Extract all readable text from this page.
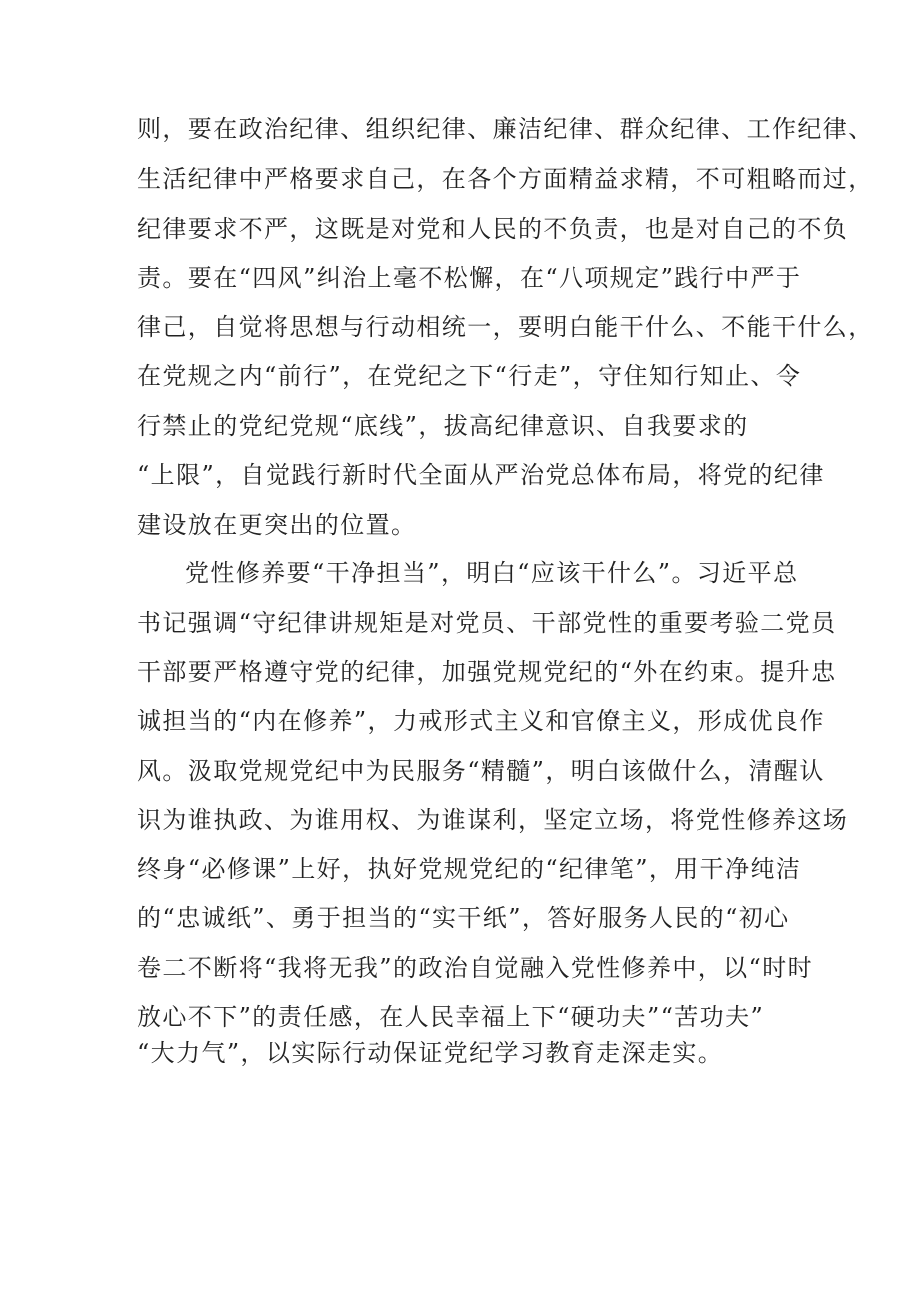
则，要在政治纪律、组织纪律、廉洁纪律、群众纪律、工作纪律、
生活纪律中严格要求自己，在各个方面精益求精，不可粗略而过，
纪律要求不严，这既是对党和人民的不负责，也是对自己的不负
责。要在“四风”纠治上毫不松懈，在“八项规定”践行中严于
律己，自觉将思想与行动相统一，要明白能干什么、不能干什么，
在党规之内“前行”，在党纪之下“行走”，守住知行知止、令
行禁止的党纪党规“底线”，拔高纪律意识、自我要求的
“上限”，自觉践行新时代全面从严治党总体布局，将党的纪律
建设放在更突出的位置。
党性修养要“干净担当”，明白“应该干什么”。习近平总
书记强调“守纪律讲规矩是对党员、干部党性的重要考验二党员
干部要严格遵守党的纪律，加强党规党纪的“外在约束。提升忠
诚担当的“内在修养”，力戒形式主义和官僚主义，形成优良作
风。汲取党规党纪中为民服务“精髓”，明白该做什么，清醒认
识为谁执政、为谁用权、为谁谋利，坚定立场，将党性修养这场
终身“必修课”上好，执好党规党纪的“纪律笔”，用干净纯洁
的“忠诚纸”、勇于担当的“实干纸”，答好服务人民的“初心
卷二不断将“我将无我”的政治自觉融入党性修养中，以“时时
放心不下”的责任感，在人民幸福上下“硬功夫”“苦功夫”
“大力气”，以实际行动保证党纪学习教育走深走实。
